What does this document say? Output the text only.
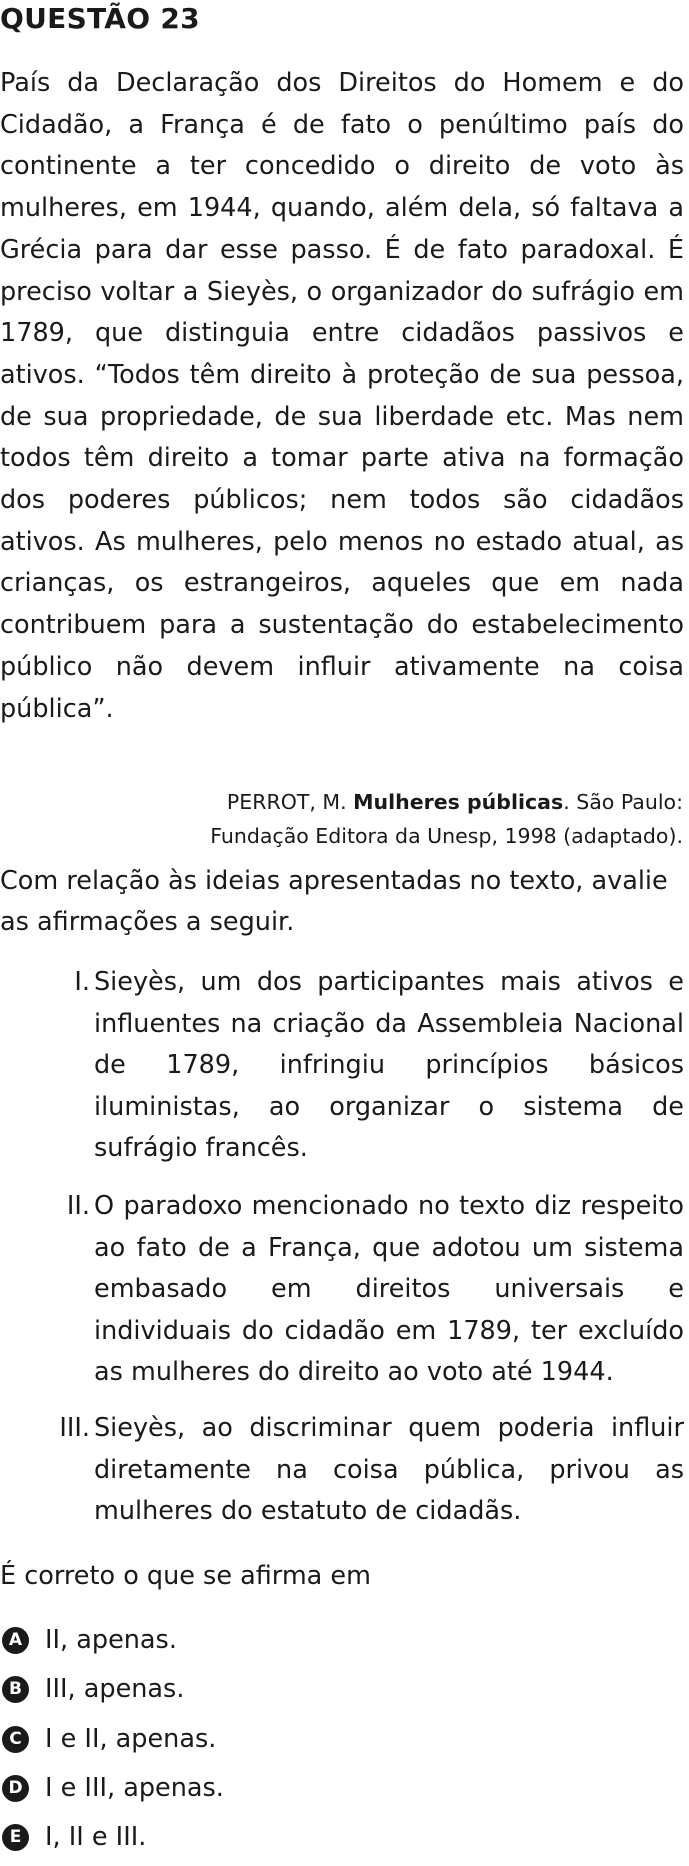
QUESTÃO 23

País da Declaração dos Direitos do Homem e do Cidadão, a França é de fato o penúltimo país do continente a ter concedido o direito de voto às mulheres, em 1944, quando, além dela, só faltava a Grécia para dar esse passo. É de fato paradoxal. É preciso voltar a Sieyès, o organizador do sufrágio em 1789, que distinguia entre cidadãos passivos e ativos. “Todos têm direito à proteção de sua pessoa, de sua propriedade, de sua liberdade etc. Mas nem todos têm direito a tomar parte ativa na formação dos poderes públicos; nem todos são cidadãos ativos. As mulheres, pelo menos no estado atual, as crianças, os estrangeiros, aqueles que em nada contribuem para a sustentação do estabelecimento público não devem influir ativamente na coisa pública”.

PERROT, M. Mulheres públicas. São Paulo:
Fundação Editora da Unesp, 1998 (adaptado).

Com relação às ideias apresentadas no texto, avalie as afirmações a seguir.

I. Sieyès, um dos participantes mais ativos e influentes na criação da Assembleia Nacional de 1789, infringiu princípios básicos iluministas, ao organizar o sistema de sufrágio francês.

II. O paradoxo mencionado no texto diz respeito ao fato de a França, que adotou um sistema embasado em direitos universais e individuais do cidadão em 1789, ter excluído as mulheres do direito ao voto até 1944.

III. Sieyès, ao discriminar quem poderia influir diretamente na coisa pública, privou as mulheres do estatuto de cidadãs.

É correto o que se afirma em

A II, apenas.
B III, apenas.
C I e II, apenas.
D I e III, apenas.
E I, II e III.
